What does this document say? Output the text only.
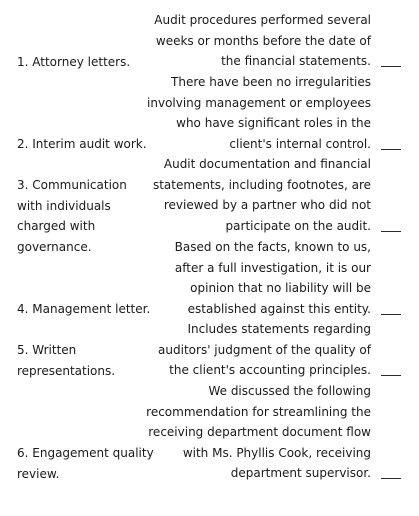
1. Attorney letters.
Audit procedures performed several weeks or months before the date of the financial statements.
2. Interim audit work.
There have been no irregularities involving management or employees who have significant roles in the client's internal control.
3. Communication with individuals charged with governance.
Audit documentation and financial statements, including footnotes, are reviewed by a partner who did not participate on the audit.
4. Management letter.
Based on the facts, known to us, after a full investigation, it is our opinion that no liability will be established against this entity.
5. Written representations.
Includes statements regarding auditors' judgment of the quality of the client's accounting principles.
6. Engagement quality review.
We discussed the following recommendation for streamlining the receiving department document flow with Ms. Phyllis Cook, receiving department supervisor.
